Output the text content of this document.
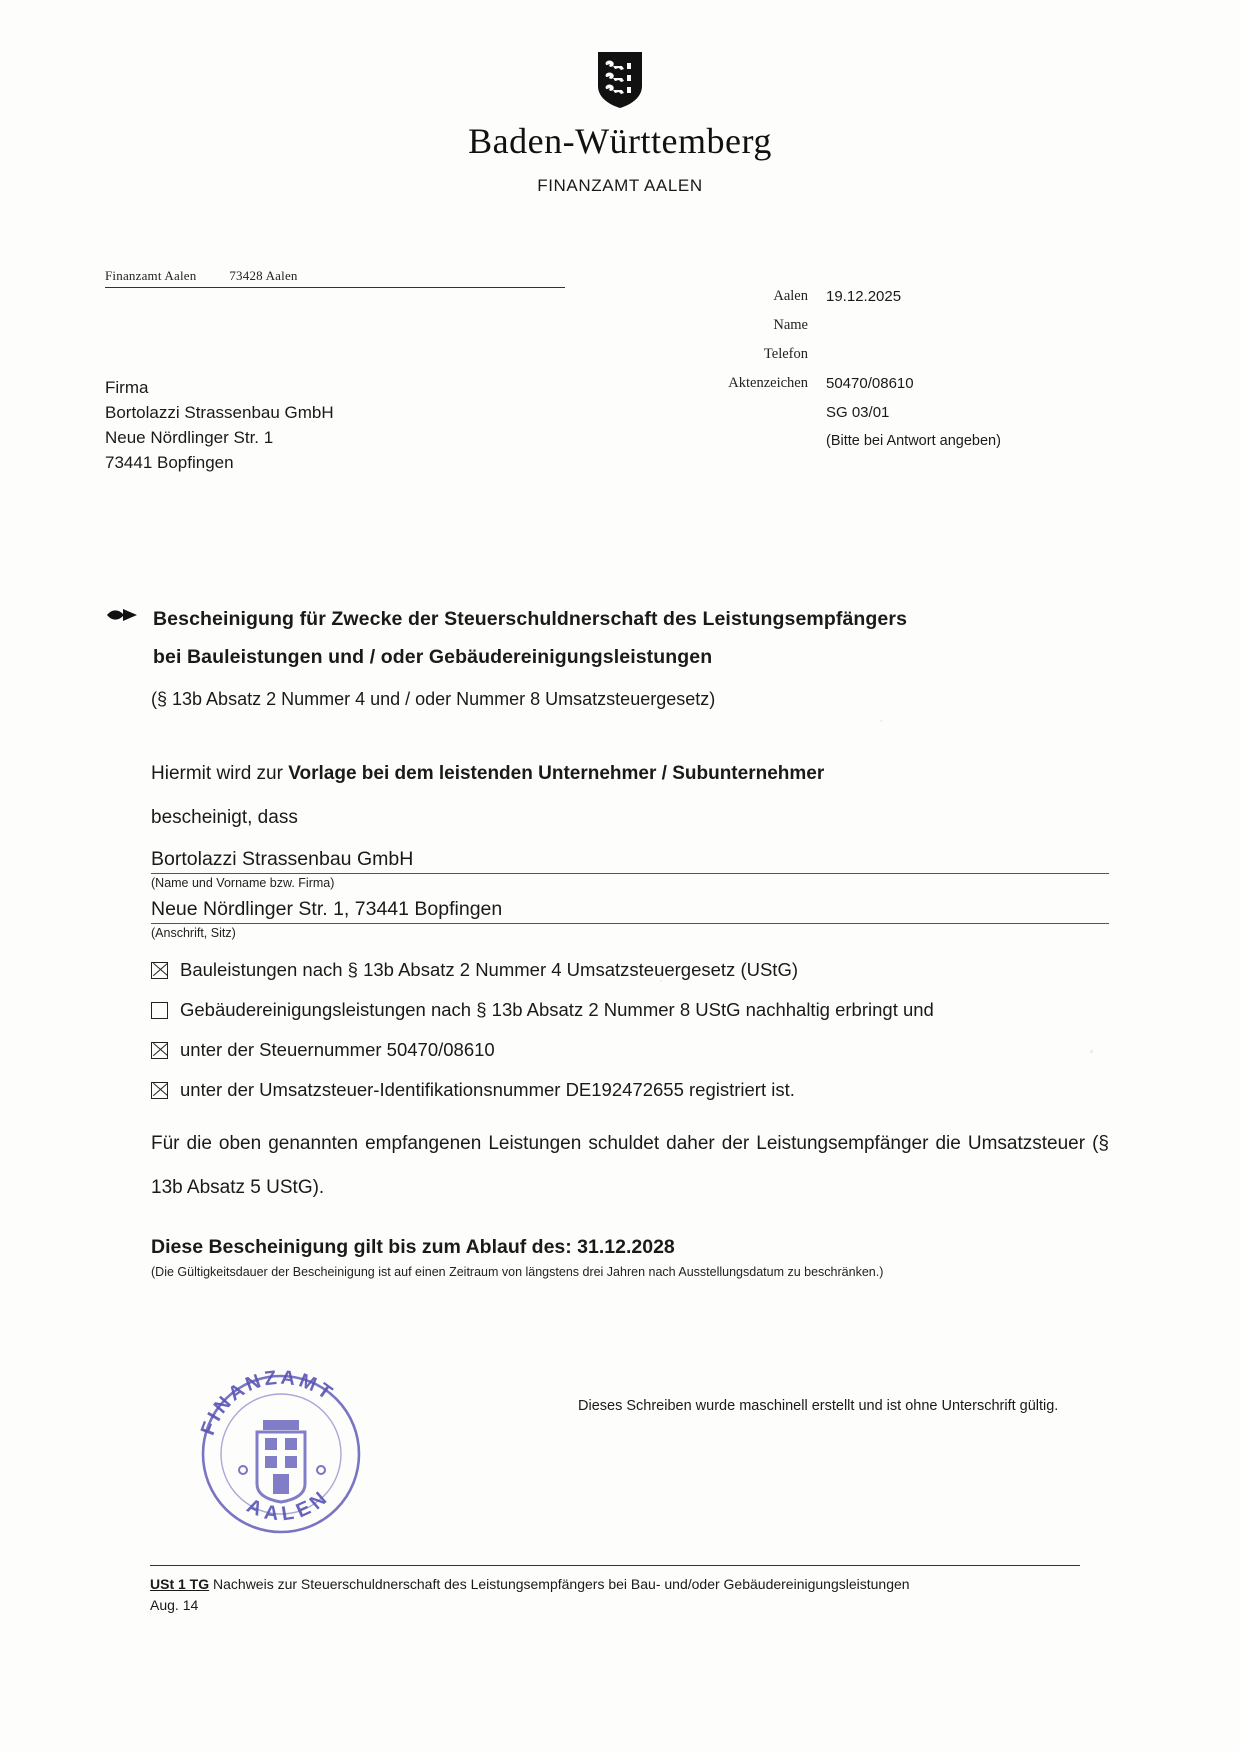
Baden-Württemberg
FINANZAMT AALEN
Finanzamt Aalen	73428 Aalen
Firma
Bortolazzi Strassenbau GmbH
Neue Nördlinger Str. 1
73441 Bopfingen
Aalen	19.12.2025
Name
Telefon
Aktenzeichen	50470/08610
SG 03/01
(Bitte bei Antwort angeben)
Bescheinigung für Zwecke der Steuerschuldnerschaft des Leistungsempfängers
bei Bauleistungen und / oder Gebäudereinigungsleistungen
(§ 13b Absatz 2 Nummer 4 und / oder Nummer 8 Umsatzsteuergesetz)
Hiermit wird zur Vorlage bei dem leistenden Unternehmer / Subunternehmer
bescheinigt, dass
Bortolazzi Strassenbau GmbH
(Name und Vorname bzw. Firma)
Neue Nördlinger Str. 1, 73441 Bopfingen
(Anschrift, Sitz)
Bauleistungen nach § 13b Absatz 2 Nummer 4 Umsatzsteuergesetz (UStG)
Gebäudereinigungsleistungen nach § 13b Absatz 2 Nummer 8 UStG nachhaltig erbringt und
unter der Steuernummer 50470/08610
unter der Umsatzsteuer-Identifikationsnummer DE192472655 registriert ist.
Für die oben genannten empfangenen Leistungen schuldet daher der Leistungsempfänger die Umsatzsteuer (§ 13b Absatz 5 UStG).
Diese Bescheinigung gilt bis zum Ablauf des: 31.12.2028
(Die Gültigkeitsdauer der Bescheinigung ist auf einen Zeitraum von längstens drei Jahren nach Ausstellungsdatum zu beschränken.)
Dieses Schreiben wurde maschinell erstellt und ist ohne Unterschrift gültig.
FINANZAMT
AALEN
USt 1 TG Nachweis zur Steuerschuldnerschaft des Leistungsempfängers bei Bau- und/oder Gebäudereinigungsleistungen
Aug. 14
